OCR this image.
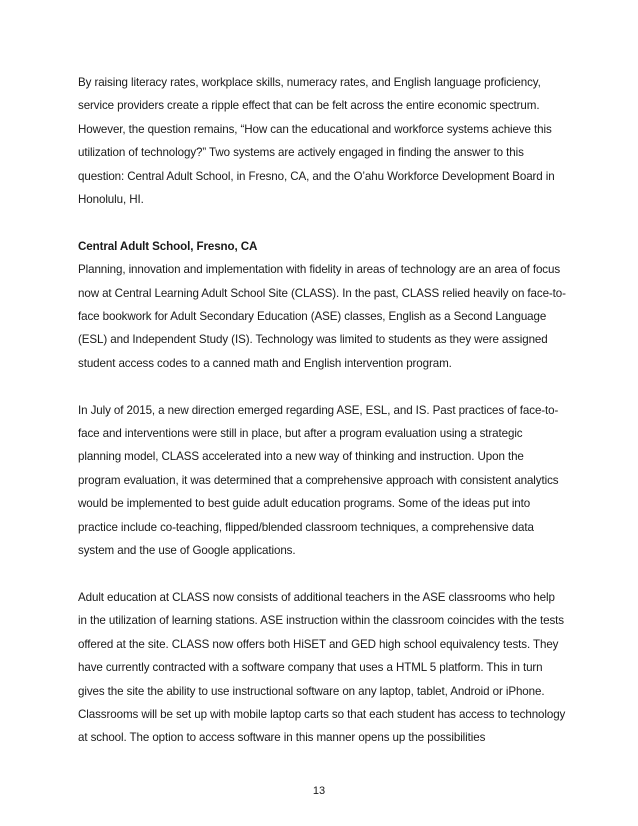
By raising literacy rates, workplace skills, numeracy rates, and English language proficiency, service providers create a ripple effect that can be felt across the entire economic spectrum. However, the question remains, “How can the educational and workforce systems achieve this utilization of technology?” Two systems are actively engaged in finding the answer to this question: Central Adult School, in Fresno, CA, and the O’ahu Workforce Development Board in Honolulu, HI.

Central Adult School, Fresno, CA

Planning, innovation and implementation with fidelity in areas of technology are an area of focus now at Central Learning Adult School Site (CLASS). In the past, CLASS relied heavily on face-to-face bookwork for Adult Secondary Education (ASE) classes, English as a Second Language (ESL) and Independent Study (IS). Technology was limited to students as they were assigned student access codes to a canned math and English intervention program.

In July of 2015, a new direction emerged regarding ASE, ESL, and IS. Past practices of face-to-face and interventions were still in place, but after a program evaluation using a strategic planning model, CLASS accelerated into a new way of thinking and instruction. Upon the program evaluation, it was determined that a comprehensive approach with consistent analytics would be implemented to best guide adult education programs. Some of the ideas put into practice include co-teaching, flipped/blended classroom techniques, a comprehensive data system and the use of Google applications.

Adult education at CLASS now consists of additional teachers in the ASE classrooms who help in the utilization of learning stations. ASE instruction within the classroom coincides with the tests offered at the site. CLASS now offers both HiSET and GED high school equivalency tests. They have currently contracted with a software company that uses a HTML 5 platform. This in turn gives the site the ability to use instructional software on any laptop, tablet, Android or iPhone. Classrooms will be set up with mobile laptop carts so that each student has access to technology at school. The option to access software in this manner opens up the possibilities

13
